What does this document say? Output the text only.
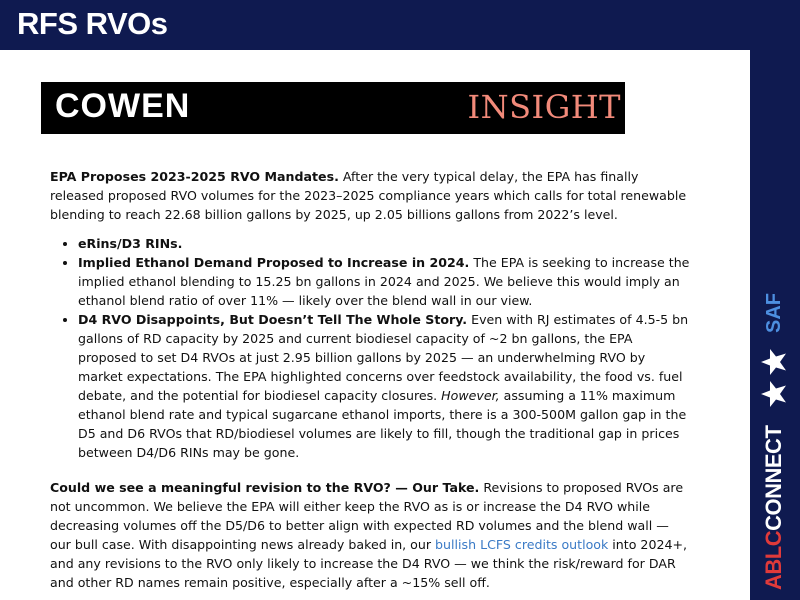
RFS RVOs
SAF
ABLCCONNECT
COWEN	INSIGHT

EPA Proposes 2023-2025 RVO Mandates. After the very typical delay, the EPA has finally released proposed RVO volumes for the 2023–2025 compliance years which calls for total renewable blending to reach 22.68 billion gallons by 2025, up 2.05 billions gallons from 2022’s level.

• eRins/D3 RINs.
• Implied Ethanol Demand Proposed to Increase in 2024. The EPA is seeking to increase the implied ethanol blending to 15.25 bn gallons in 2024 and 2025. We believe this would imply an ethanol blend ratio of over 11% — likely over the blend wall in our view.
• D4 RVO Disappoints, But Doesn’t Tell The Whole Story. Even with RJ estimates of 4.5-5 bn gallons of RD capacity by 2025 and current biodiesel capacity of ~2 bn gallons, the EPA proposed to set D4 RVOs at just 2.95 billion gallons by 2025 — an underwhelming RVO by market expectations. The EPA highlighted concerns over feedstock availability, the food vs. fuel debate, and the potential for biodiesel capacity closures. However, assuming a 11% maximum ethanol blend rate and typical sugarcane ethanol imports, there is a 300-500M gallon gap in the D5 and D6 RVOs that RD/biodiesel volumes are likely to fill, though the traditional gap in prices between D4/D6 RINs may be gone.

Could we see a meaningful revision to the RVO? — Our Take. Revisions to proposed RVOs are not uncommon. We believe the EPA will either keep the RVO as is or increase the D4 RVO while decreasing volumes off the D5/D6 to better align with expected RD volumes and the blend wall — our bull case. With disappointing news already baked in, our bullish LCFS credits outlook into 2024+, and any revisions to the RVO only likely to increase the D4 RVO — we think the risk/reward for DAR and other RD names remain positive, especially after a ~15% sell off.
